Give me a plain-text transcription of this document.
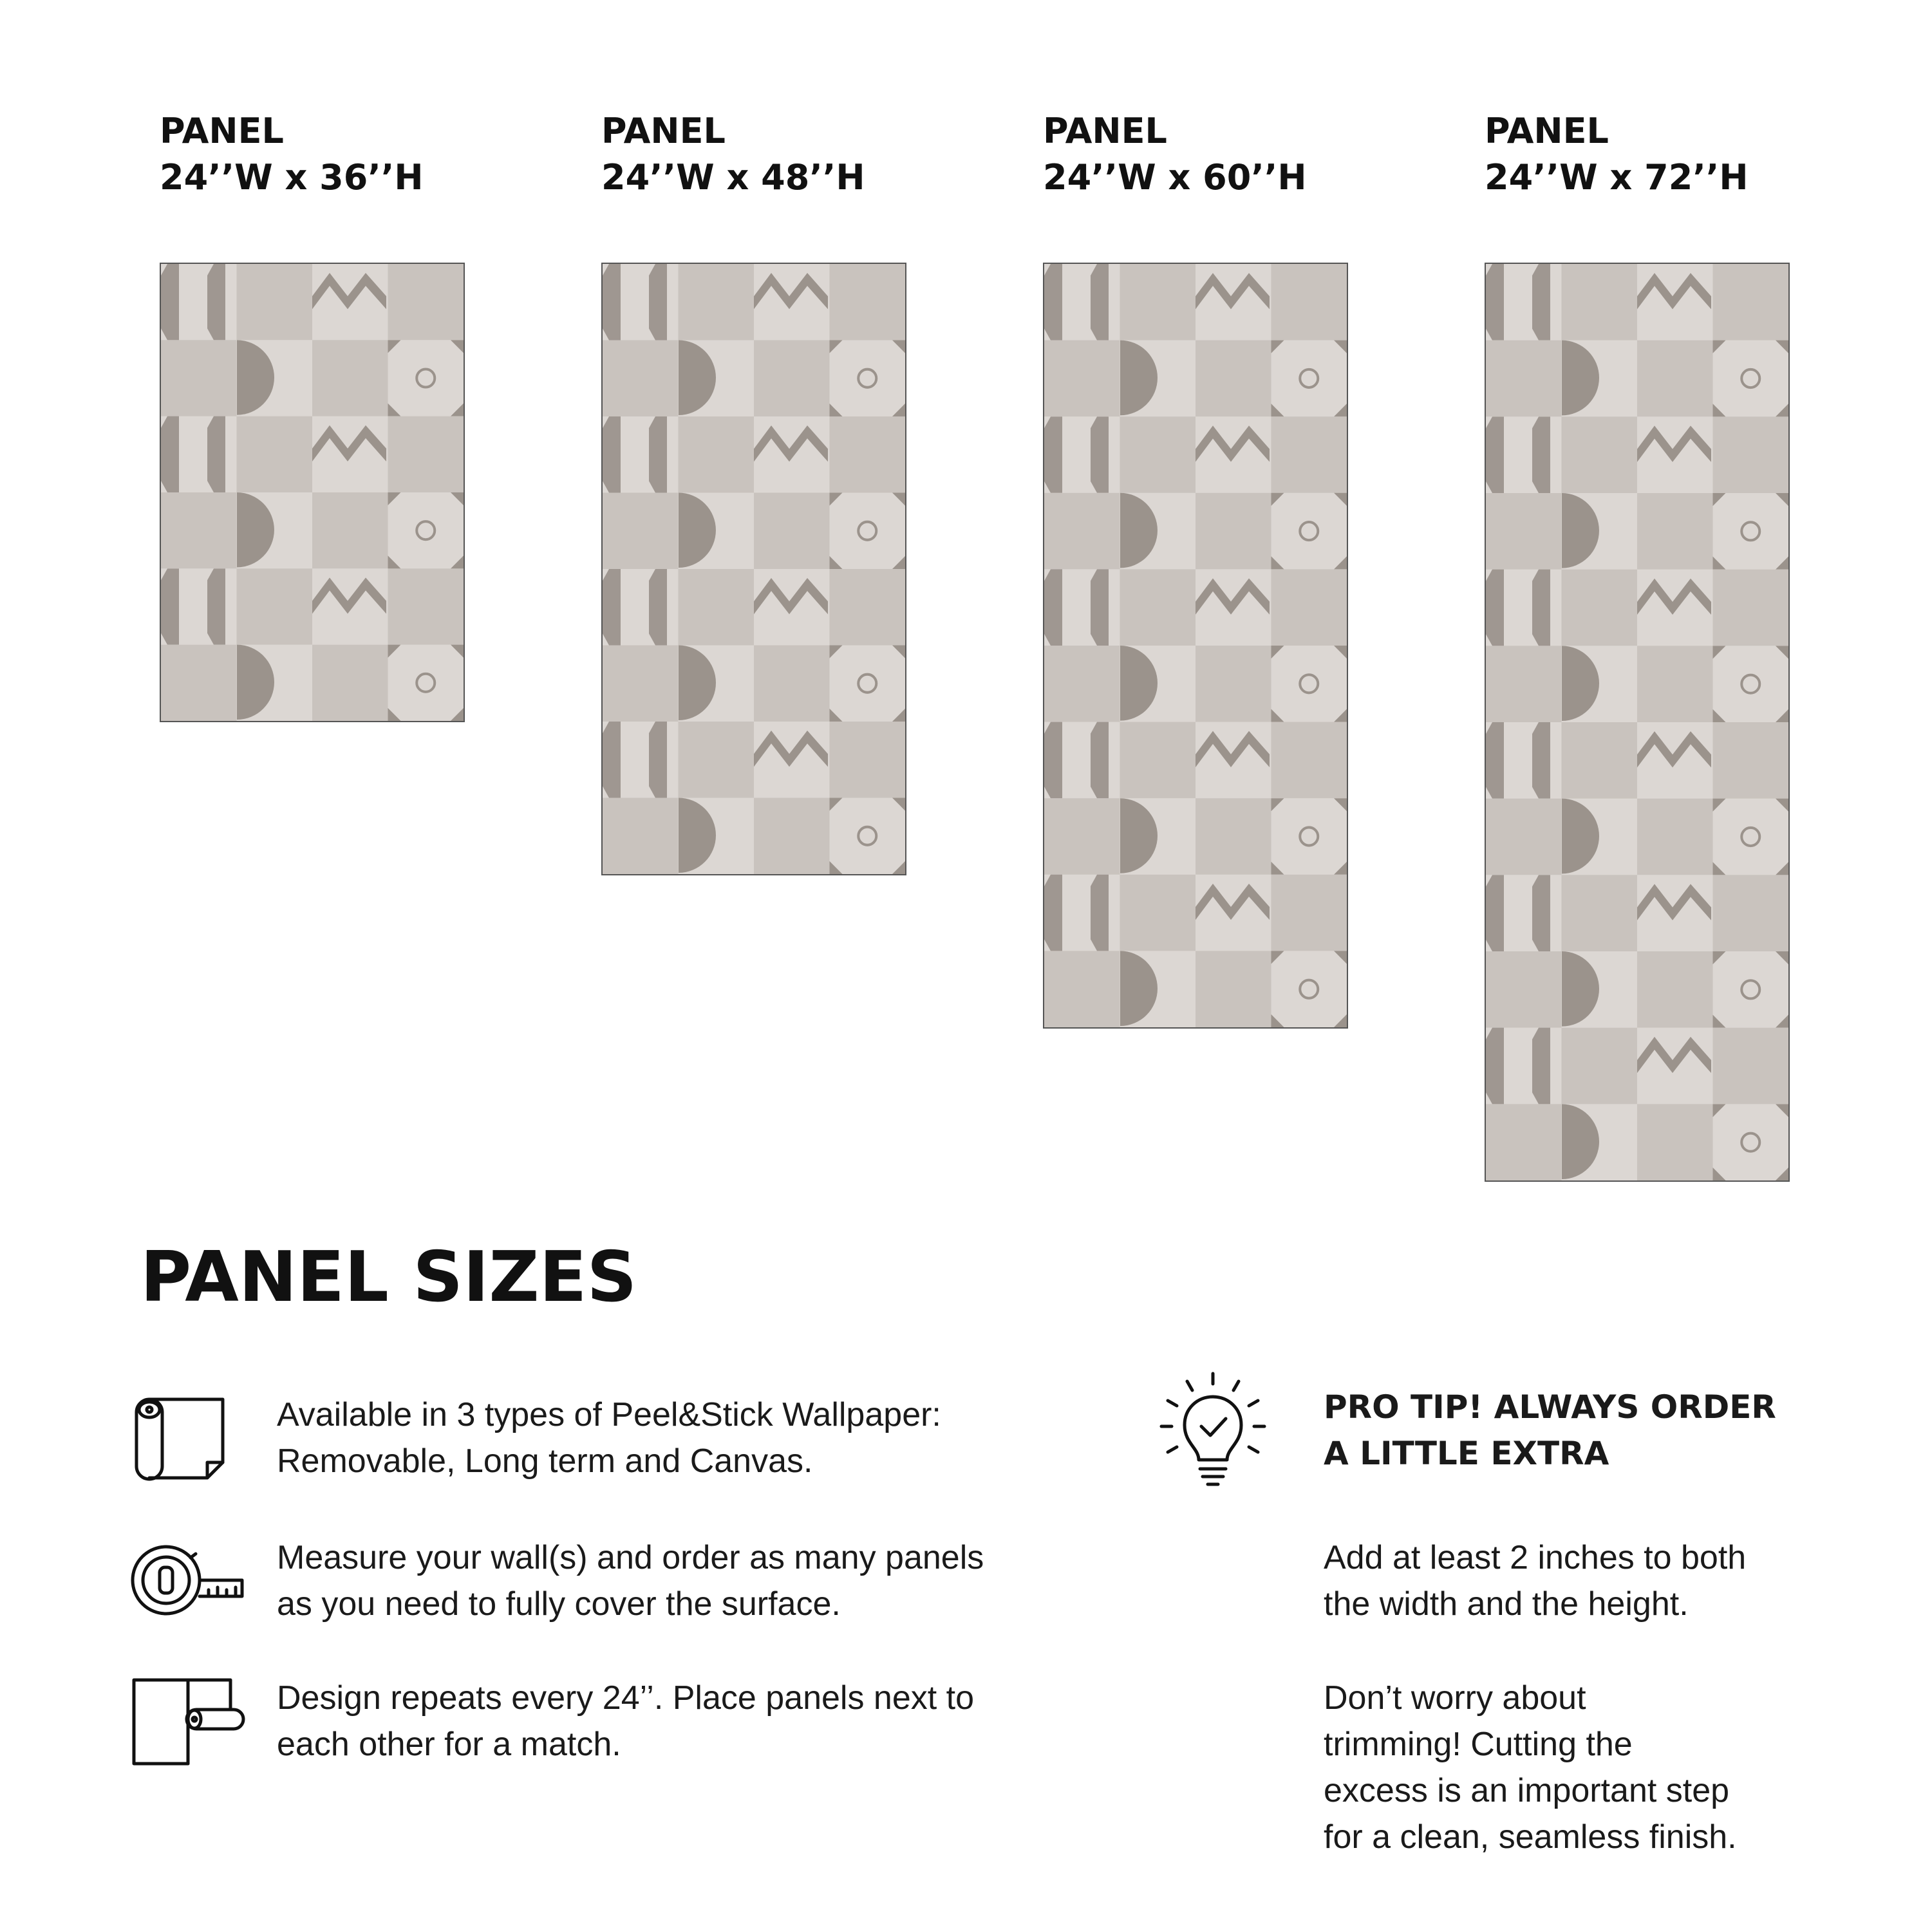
PANEL
24’’W x 36’’H
PANEL
24’’W x 48’’H
PANEL
24’’W x 60’’H
PANEL
24’’W x 72’’H
PANEL SIZES
Available in 3 types of Peel&Stick Wallpaper:
Removable, Long term and Canvas.
Measure your wall(s) and order as many panels
as you need to fully cover the surface.
Design repeats every 24’’. Place panels next to
each other for a match.
PRO TIP! ALWAYS ORDER
A LITTLE EXTRA
Add at least 2 inches to both
the width and the height.
Don’t worry about
trimming! Cutting the
excess is an important step
for a clean, seamless finish.
